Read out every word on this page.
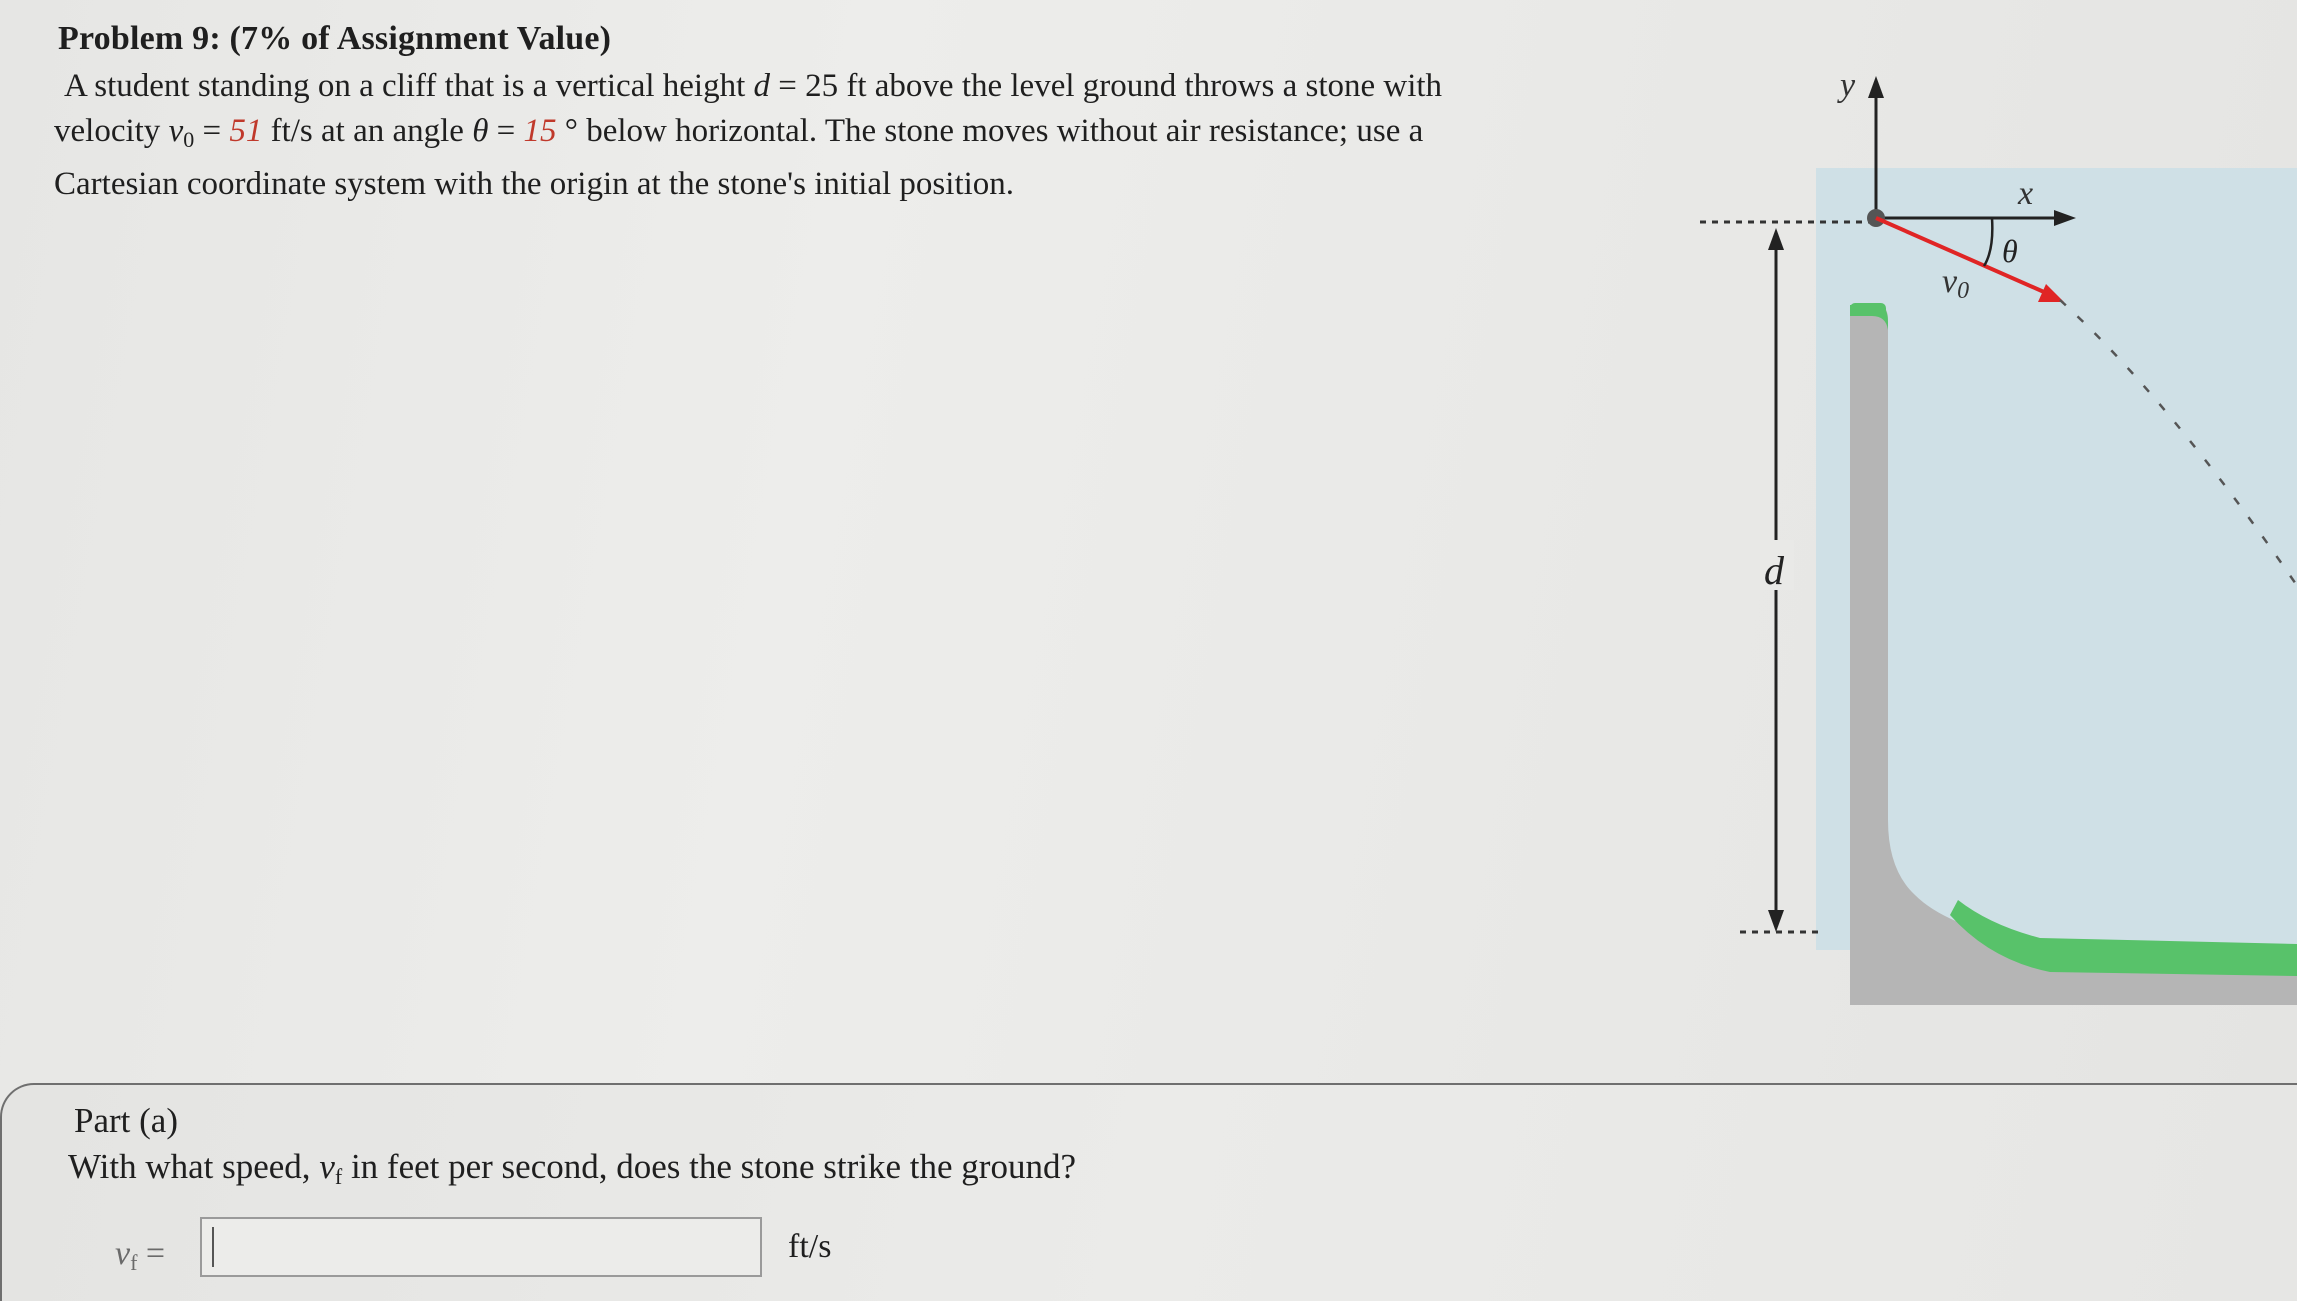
Problem 9: (7% of Assignment Value)
A student standing on a cliff that is a vertical height d = 25 ft above the level ground throws a stone with
velocity $v_0 = 51$ ft/s at an angle θ = 15 ° below horizontal. The stone moves without air resistance; use a
Cartesian coordinate system with the origin at the stone's initial position.
d
y
x
v0
θ
Part (a)
With what speed, $v_f$ in feet per second, does the stone strike the ground?
$v_f$ =	ft/s
